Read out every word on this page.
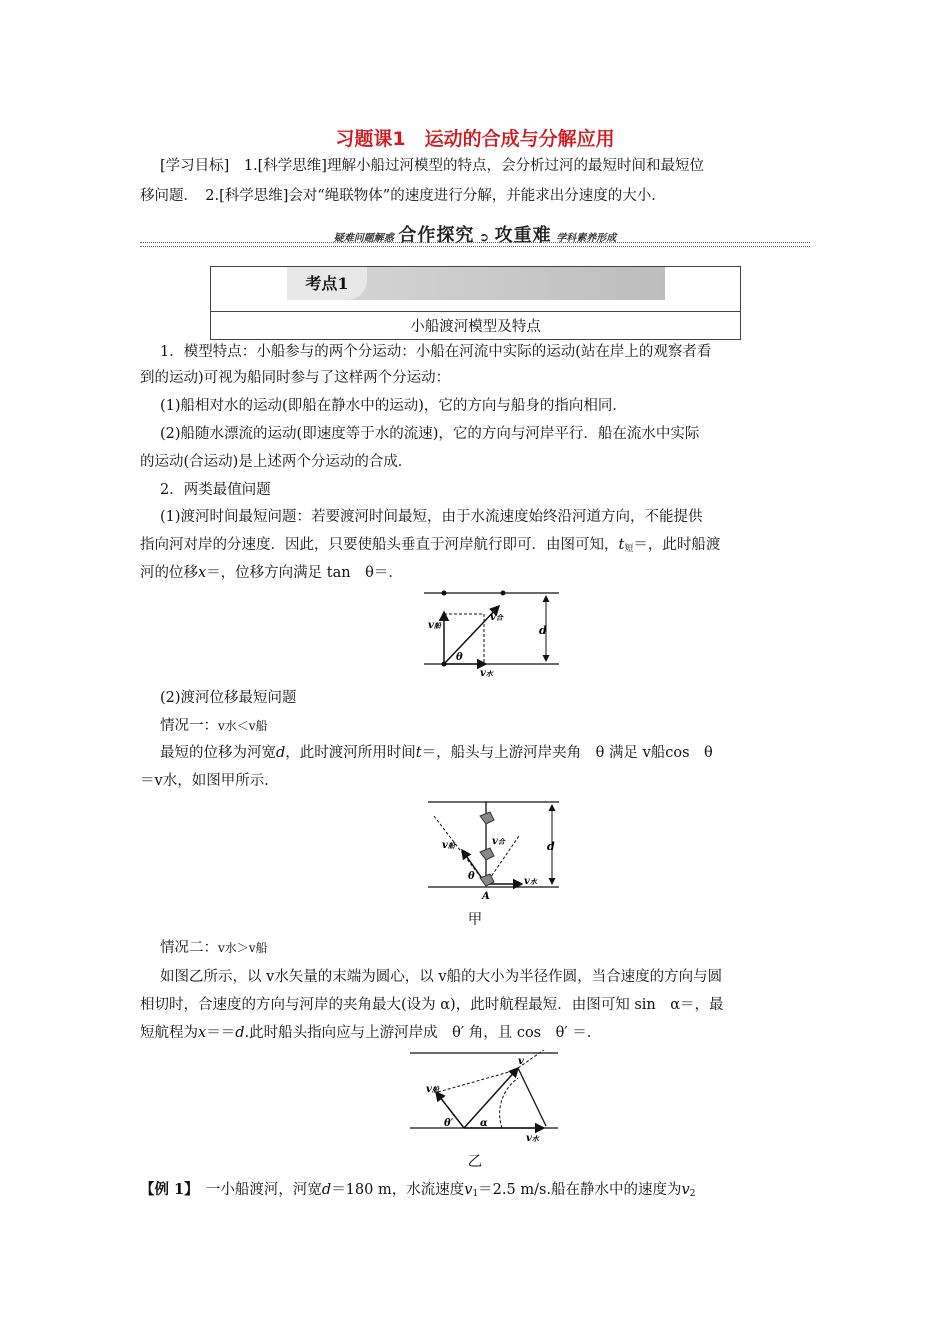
习题课1　运动的合成与分解应用
[学习目标]　1.[科学思维]理解小船过河模型的特点，会分析过河的最短时间和最短位
移问题．　2.[科学思维]会对“绳联物体”的速度进行分解，并能求出分速度的大小．
疑难问题解惑 合作探究 ➲ 攻重难 学科素养形成
考点1
小船渡河模型及特点
1．模型特点：小船参与的两个分运动：小船在河流中实际的运动(站在岸上的观察者看
到的运动)可视为船同时参与了这样两个分运动：
(1)船相对水的运动(即船在静水中的运动)，它的方向与船身的指向相同．
(2)船随水漂流的运动(即速度等于水的流速)，它的方向与河岸平行．船在流水中实际
的运动(合运动)是上述两个分运动的合成．
2．两类最值问题
(1)渡河时间最短问题：若要渡河时间最短，由于水流速度始终沿河道方向，不能提供
指向河对岸的分速度．因此，只要使船头垂直于河岸航行即可．由图可知，$t_短=$，此时船渡
河的位移x＝，位移方向满足 tan　θ＝．
v船
v合
v水
d
θ
(2)渡河位移最短问题
情况一：v水＜v船
最短的位移为河宽d，此时渡河所用时间t＝，船头与上游河岸夹角　θ 满足 v船cos　θ
＝v水，如图甲所示．
v船	v合
v水
d
θ
A
甲
情况二：v水＞v船
如图乙所示，以 v水矢量的末端为圆心，以 v船的大小为半径作圆，当合速度的方向与圆
相切时，合速度的方向与河岸的夹角最大(设为 α)，此时航程最短．由图可知 sin　α＝，最
短航程为x＝＝d.此时船头指向应与上游河岸成　θ′ 角，且 cos　θ′ ＝．
v船
v
v水
θ′	α
乙
【例 1】　一小船渡河，河宽d＝180 m，水流速度$v_1=2.5$ m/s.船在静水中的速度为$v_2$
